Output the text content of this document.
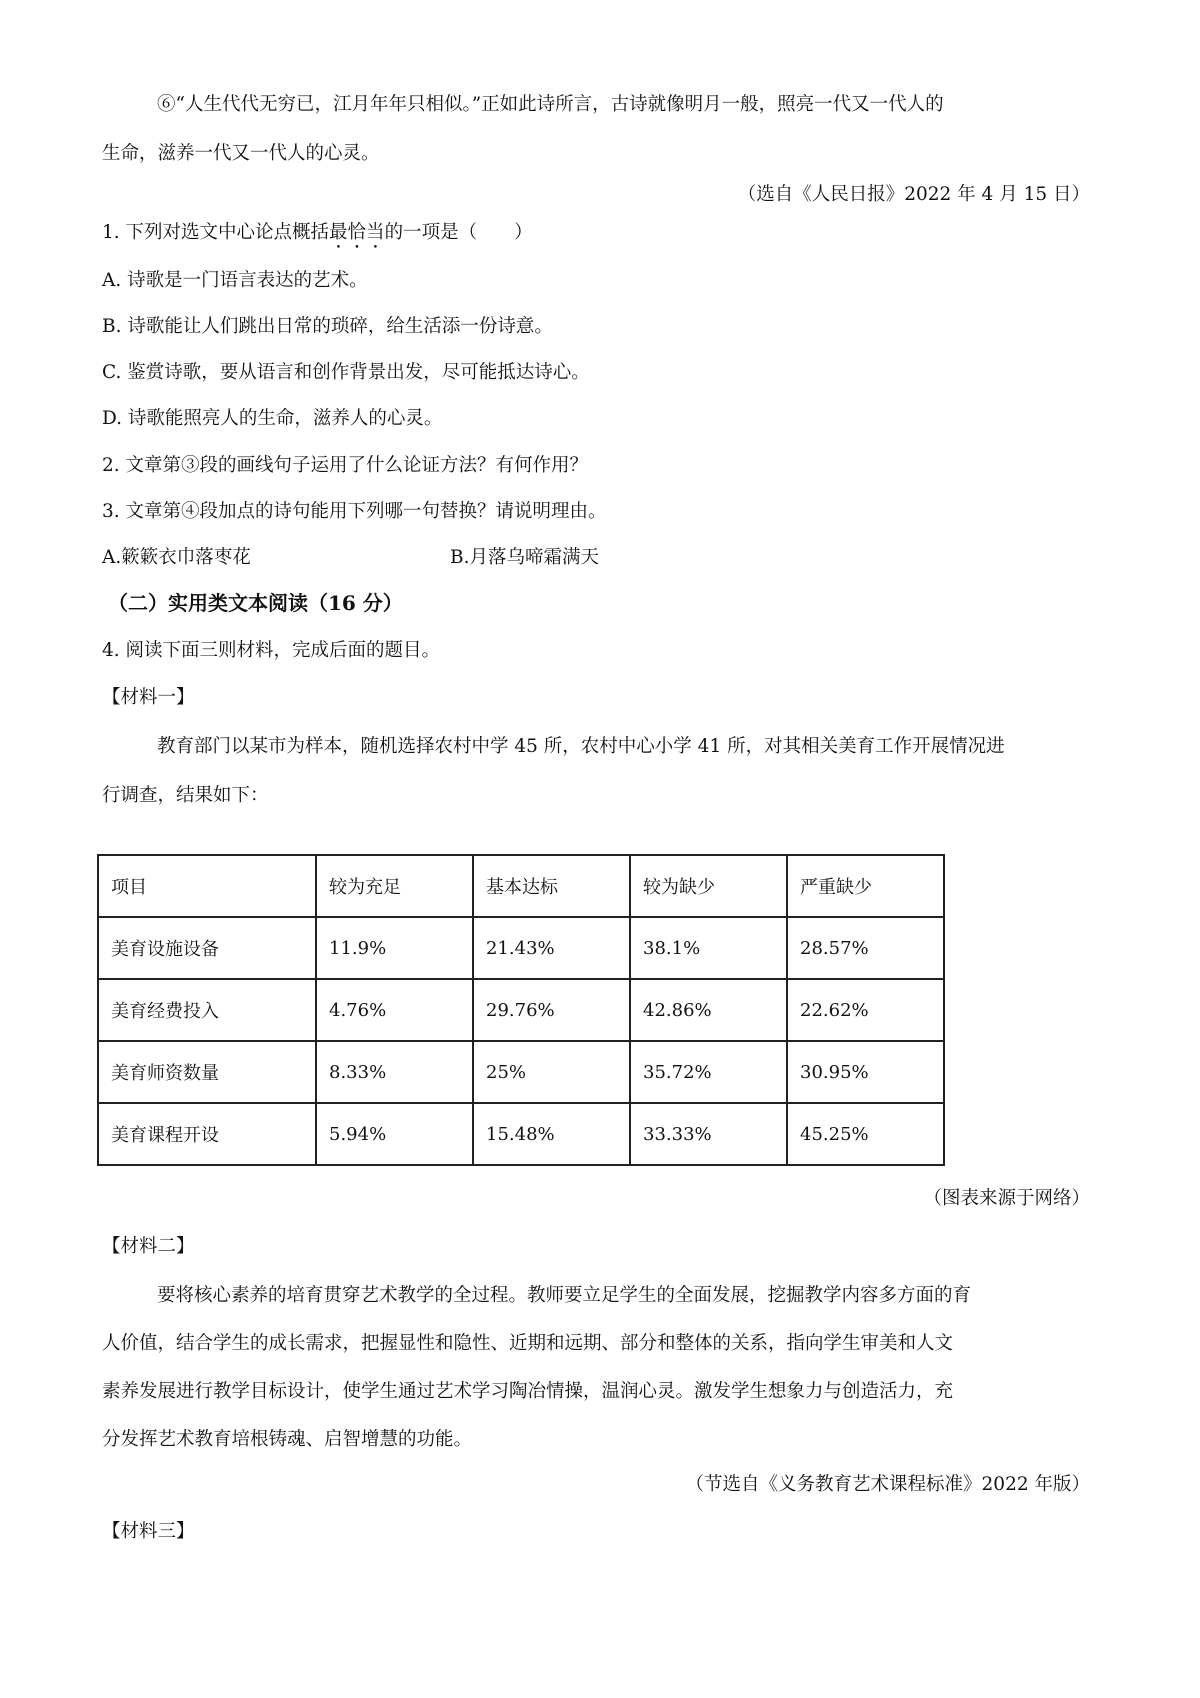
⑥“人生代代无穷已，江月年年只相似。”正如此诗所言，古诗就像明月一般，照亮一代又一代人的
生命，滋养一代又一代人的心灵。
（选自《人民日报》2022 年 4 月 15 日）
1. 下列对选文中心论点概括最恰当的一项是（　　）
A. 诗歌是一门语言表达的艺术。
B. 诗歌能让人们跳出日常的琐碎，给生活添一份诗意。
C. 鉴赏诗歌，要从语言和创作背景出发，尽可能抵达诗心。
D. 诗歌能照亮人的生命，滋养人的心灵。
2. 文章第③段的画线句子运用了什么论证方法？有何作用？
3. 文章第④段加点的诗句能用下列哪一句替换？请说明理由。
A.簌簌衣巾落枣花	B.月落乌啼霜满天
（二）实用类文本阅读（16 分）
4. 阅读下面三则材料，完成后面的题目。
【材料一】
教育部门以某市为样本，随机选择农村中学 45 所，农村中心小学 41 所，对其相关美育工作开展情况进
行调查，结果如下：
项目	较为充足	基本达标	较为缺少	严重缺少
美育设施设备	11.9%	21.43%	38.1%	28.57%
美育经费投入	4.76%	29.76%	42.86%	22.62%
美育师资数量	8.33%	25%	35.72%	30.95%
美育课程开设	5.94%	15.48%	33.33%	45.25%
（图表来源于网络）
【材料二】
要将核心素养的培育贯穿艺术教学的全过程。教师要立足学生的全面发展，挖掘教学内容多方面的育
人价值，结合学生的成长需求，把握显性和隐性、近期和远期、部分和整体的关系，指向学生审美和人文
素养发展进行教学目标设计，使学生通过艺术学习陶冶情操，温润心灵。激发学生想象力与创造活力，充
分发挥艺术教育培根铸魂、启智增慧的功能。
（节选自《义务教育艺术课程标准》2022 年版）
【材料三】
